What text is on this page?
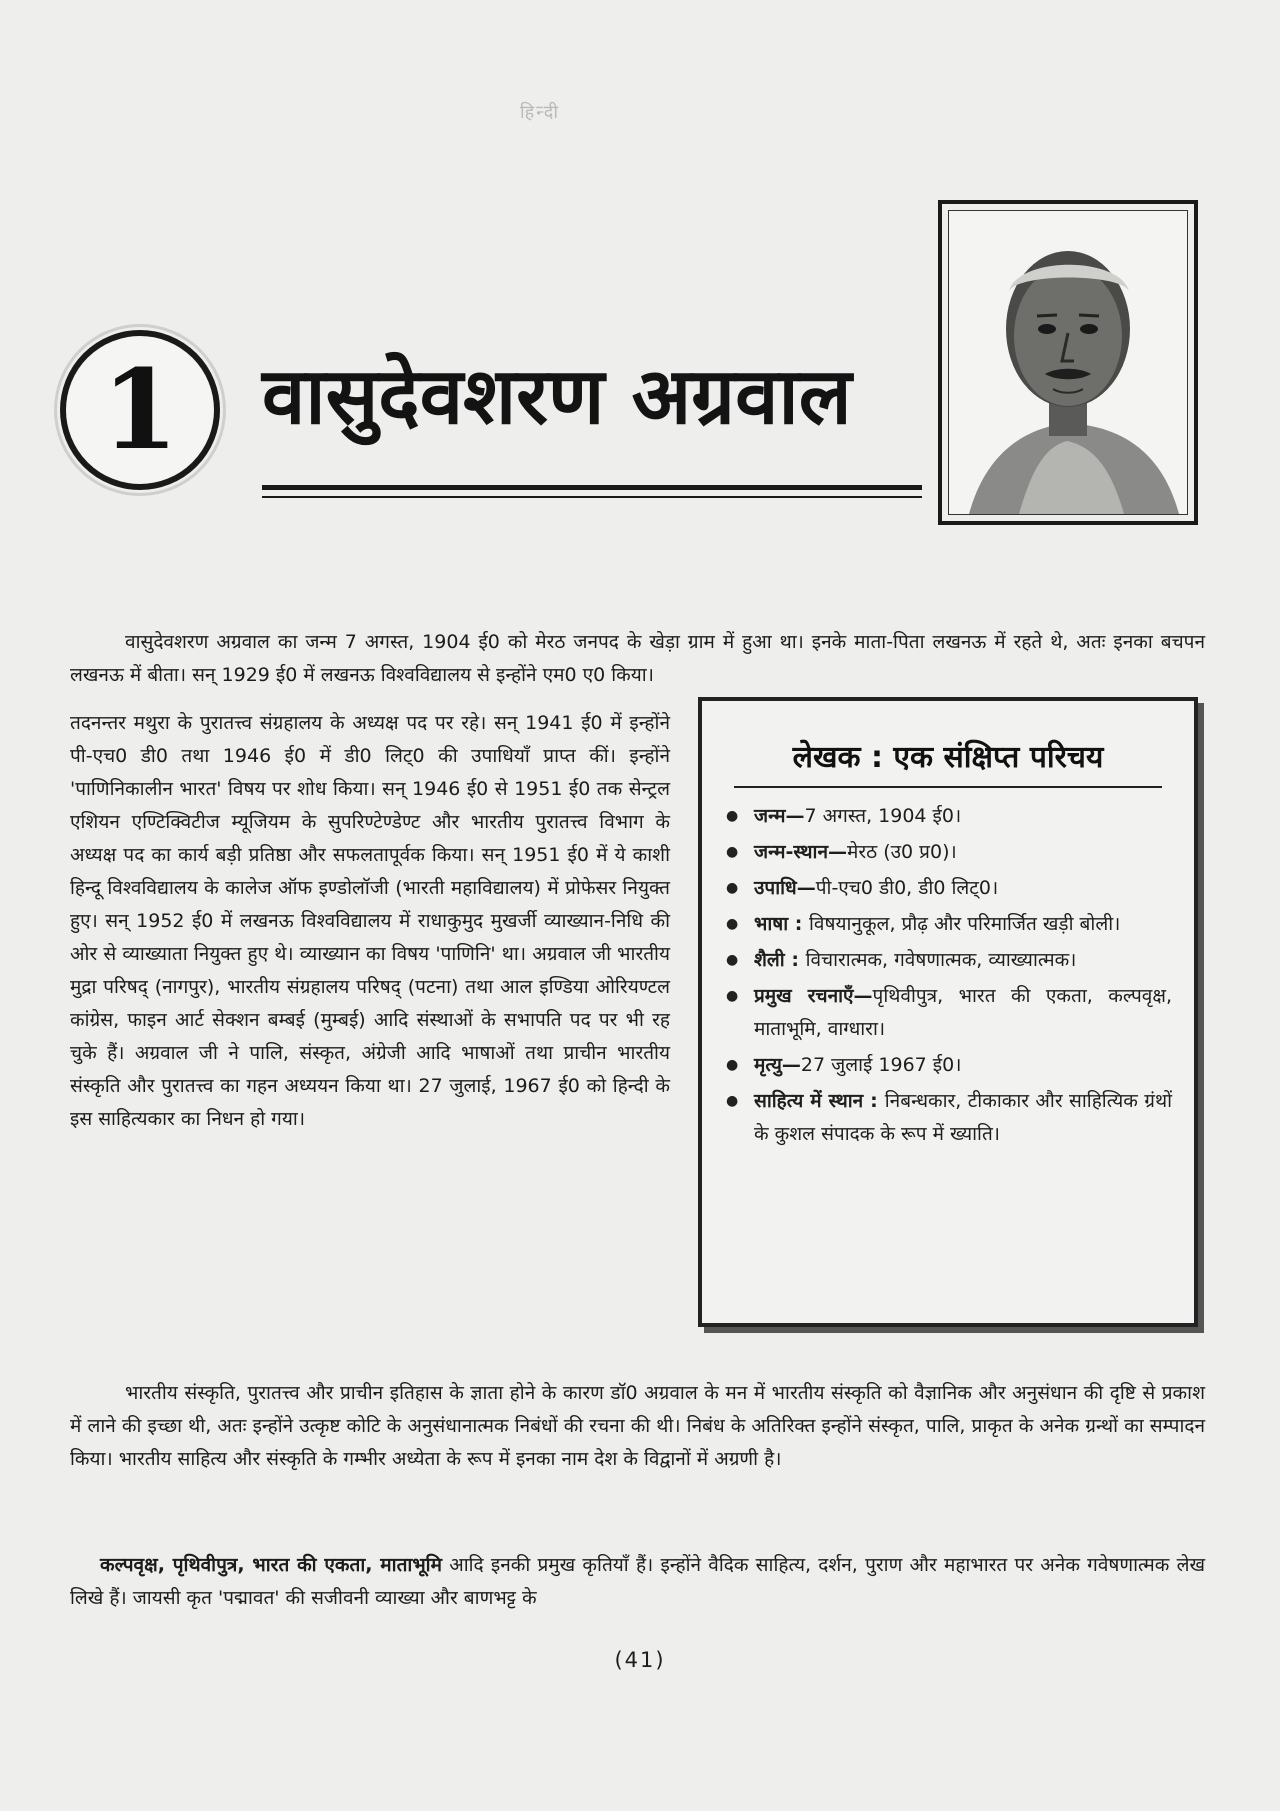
हिन्दी
1 वासुदेवशरण अग्रवाल

वासुदेवशरण अग्रवाल का जन्म 7 अगस्त, 1904 ई0 को मेरठ जनपद के खेड़ा ग्राम में हुआ था। इनके माता-पिता लखनऊ में रहते थे, अतः इनका बचपन लखनऊ में बीता। सन् 1929 ई0 में लखनऊ विश्वविद्यालय से इन्होंने एम0 ए0 किया।

तदनन्तर मथुरा के पुरातत्त्व संग्रहालय के अध्यक्ष पद पर रहे। सन् 1941 ई0 में इन्होंने पी-एच0 डी0 तथा 1946 ई0 में डी0 लिट्0 की उपाधियाँ प्राप्त कीं। इन्होंने 'पाणिनिकालीन भारत' विषय पर शोध किया। सन् 1946 ई0 से 1951 ई0 तक सेन्ट्रल एशियन एण्टिक्विटीज म्यूजियम के सुपरिण्टेण्डेण्ट और भारतीय पुरातत्त्व विभाग के अध्यक्ष पद का कार्य बड़ी प्रतिष्ठा और सफलतापूर्वक किया। सन् 1951 ई0 में ये काशी हिन्दू विश्वविद्यालय के कालेज ऑफ इण्डोलॉजी (भारती महाविद्यालय) में प्रोफेसर नियुक्त हुए। सन् 1952 ई0 में लखनऊ विश्वविद्यालय में राधाकुमुद मुखर्जी व्याख्यान-निधि की ओर से व्याख्याता नियुक्त हुए थे। व्याख्यान का विषय 'पाणिनि' था। अग्रवाल जी भारतीय मुद्रा परिषद् (नागपुर), भारतीय संग्रहालय परिषद् (पटना) तथा आल इण्डिया ओरियण्टल कांग्रेस, फाइन आर्ट सेक्शन बम्बई (मुम्बई) आदि संस्थाओं के सभापति पद पर भी रह चुके हैं। अग्रवाल जी ने पालि, संस्कृत, अंग्रेजी आदि भाषाओं तथा प्राचीन भारतीय संस्कृति और पुरातत्त्व का गहन अध्ययन किया था। 27 जुलाई, 1967 ई0 को हिन्दी के इस साहित्यकार का निधन हो गया।

लेखक : एक संक्षिप्त परिचय
● जन्म—7 अगस्त, 1904 ई0।
● जन्म-स्थान—मेरठ (उ0 प्र0)।
● उपाधि—पी-एच0 डी0, डी0 लिट्0।
● भाषा : विषयानुकूल, प्रौढ़ और परिमार्जित खड़ी बोली।
● शैली : विचारात्मक, गवेषणात्मक, व्याख्यात्मक।
● प्रमुख रचनाएँ—पृथिवीपुत्र, भारत की एकता, कल्पवृक्ष, माताभूमि, वाग्धारा।
● मृत्यु—27 जुलाई 1967 ई0।
● साहित्य में स्थान : निबन्धकार, टीकाकार और साहित्यिक ग्रंथों के कुशल संपादक के रूप में ख्याति।

भारतीय संस्कृति, पुरातत्त्व और प्राचीन इतिहास के ज्ञाता होने के कारण डॉ0 अग्रवाल के मन में भारतीय संस्कृति को वैज्ञानिक और अनुसंधान की दृष्टि से प्रकाश में लाने की इच्छा थी, अतः इन्होंने उत्कृष्ट कोटि के अनुसंधानात्मक निबंधों की रचना की थी। निबंध के अतिरिक्त इन्होंने संस्कृत, पालि, प्राकृत के अनेक ग्रन्थों का सम्पादन किया। भारतीय साहित्य और संस्कृति के गम्भीर अध्येता के रूप में इनका नाम देश के विद्वानों में अग्रणी है।

कल्पवृक्ष, पृथिवीपुत्र, भारत की एकता, माताभूमि आदि इनकी प्रमुख कृतियाँ हैं। इन्होंने वैदिक साहित्य, दर्शन, पुराण और महाभारत पर अनेक गवेषणात्मक लेख लिखे हैं। जायसी कृत 'पद्मावत' की सजीवनी व्याख्या और बाणभट्ट के

(41)
